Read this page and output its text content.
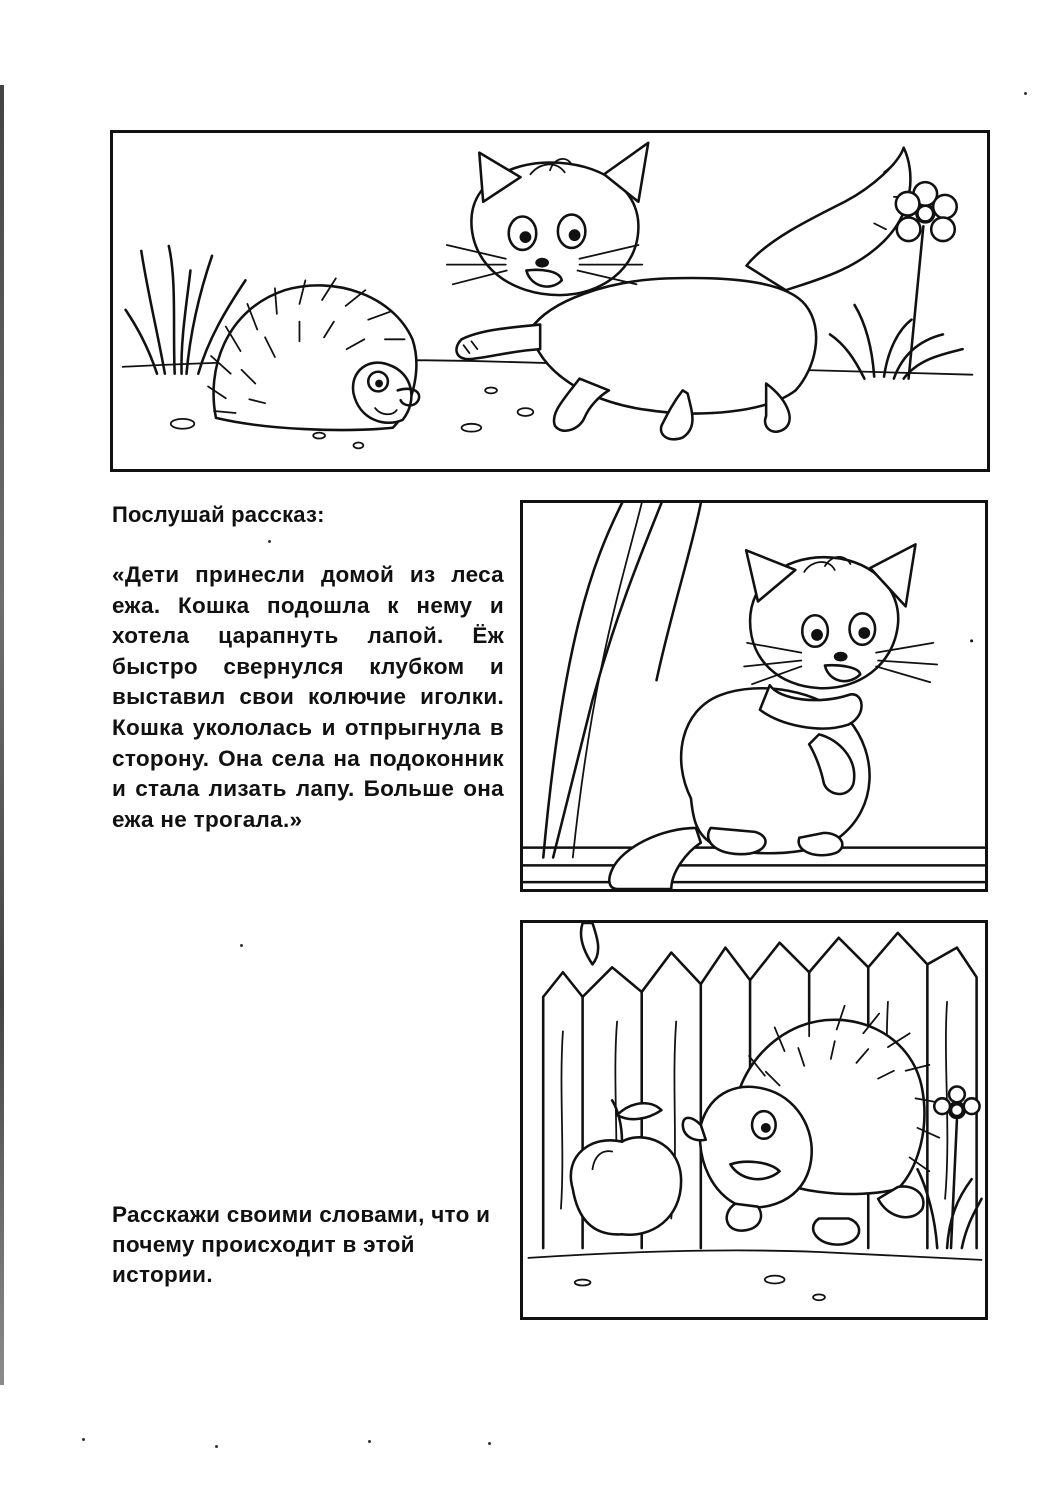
Послушай рассказ:
«Дети принесли домой из леса ежа. Кошка подошла к нему и хотела царапнуть лапой. Ёж быстро свернулся клубком и выставил свои колючие иголки. Кошка укололась и отпрыгнула в сторону. Она села на подоконник и стала лизать лапу. Больше она ежа не трогала.»
Расскажи своими словами, что и почему происходит в этой истории.
